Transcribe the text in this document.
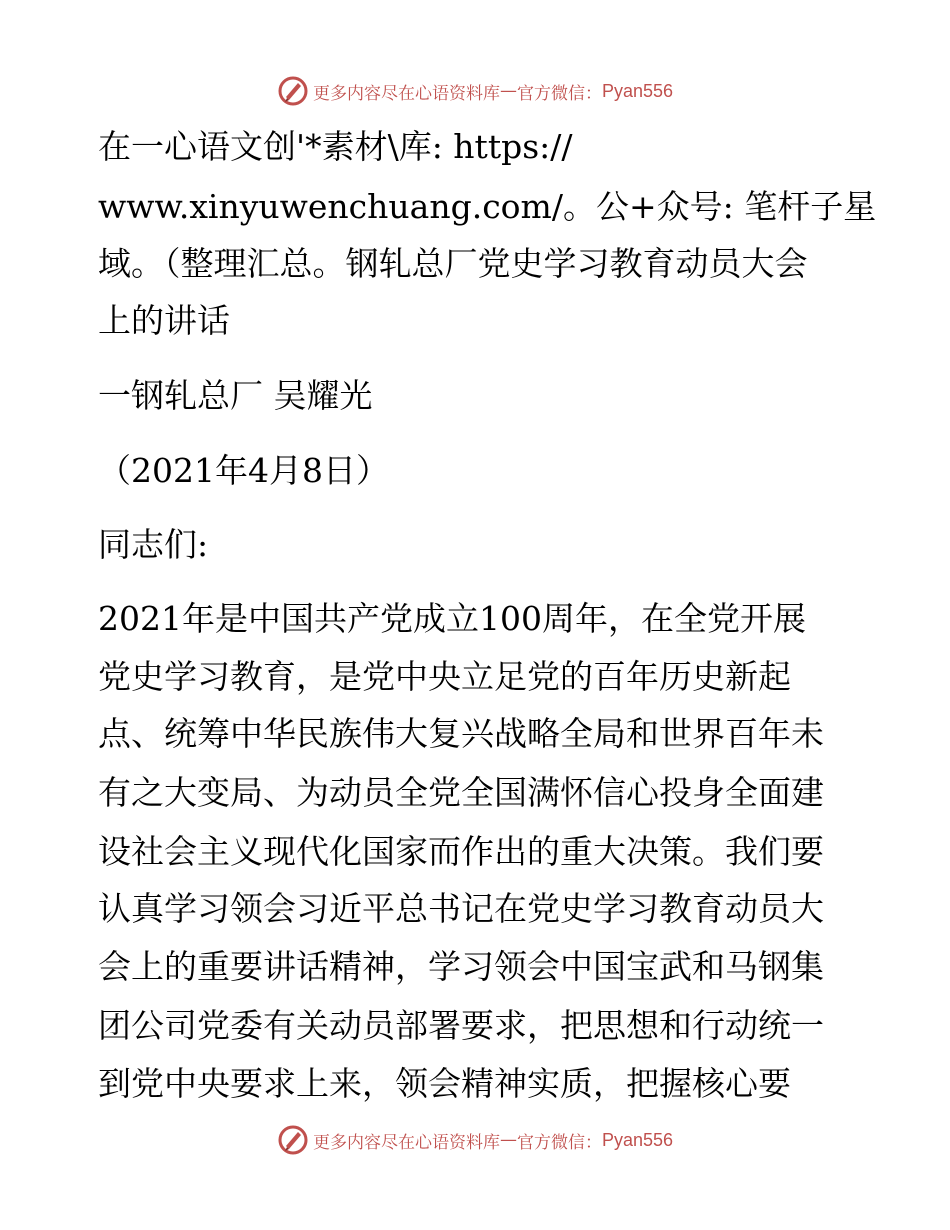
更多内容尽在心语资料库 — 官方微信： Pyan556
在一心语文创'*素材\库: https://
www.xinyuwenchuang.com/。公+众号: 笔杆子星
域。（整理汇总。钢轧总厂党史学习教育动员大会
上的讲话
一钢轧总厂 吴耀光
（2021年4月8日）
同志们:
2021年是中国共产党成立100周年，在全党开展
党史学习教育，是党中央立足党的百年历史新起
点、统筹中华民族伟大复兴战略全局和世界百年未
有之大变局、为动员全党全国满怀信心投身全面建
设社会主义现代化国家而作出的重大决策。我们要
认真学习领会习近平总书记在党史学习教育动员大
会上的重要讲话精神，学习领会中国宝武和马钢集
团公司党委有关动员部署要求，把思想和行动统一
到党中央要求上来，领会精神实质，把握核心要
更多内容尽在心语资料库 — 官方微信： Pyan556
